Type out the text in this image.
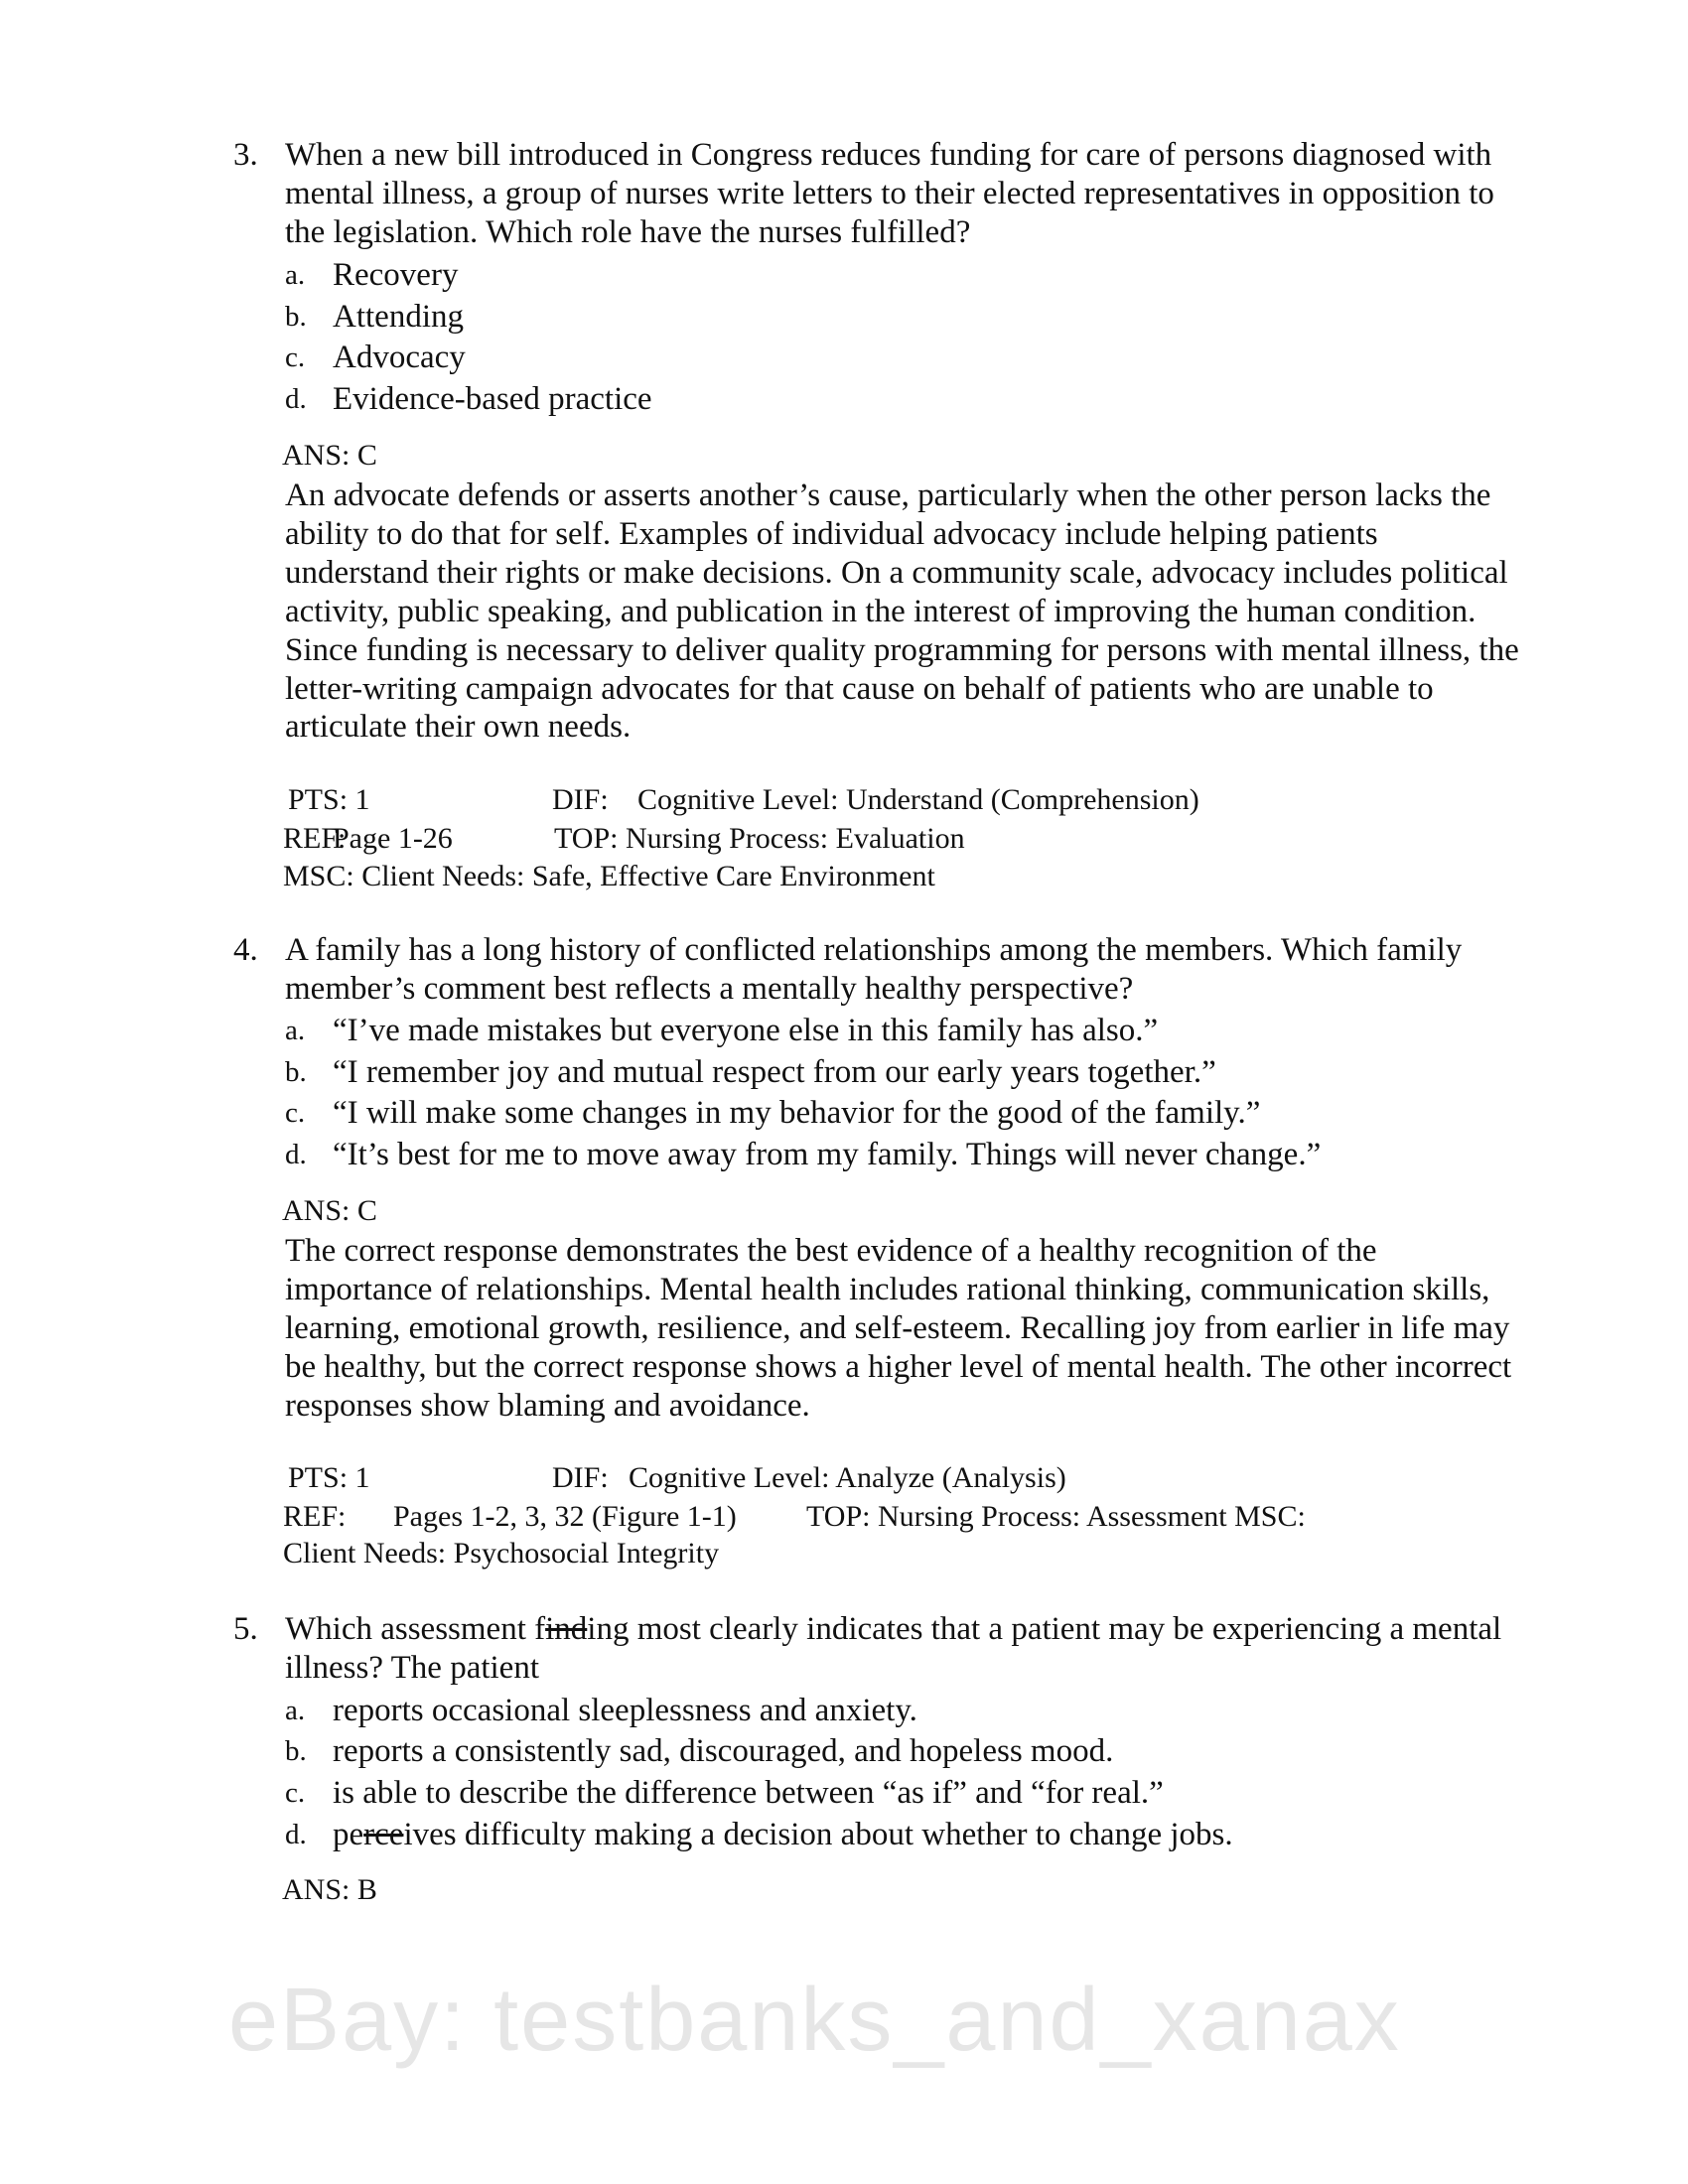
eBay: testbanks_and_xanax
3. When a new bill introduced in Congress reduces funding for care of persons diagnosed with
mental illness, a group of nurses write letters to their elected representatives in opposition to
the legislation. Which role have the nurses fulfilled?
a. Recovery
b. Attending
c. Advocacy
d. Evidence-based practice
ANS: C
An advocate defends or asserts another’s cause, particularly when the other person lacks the
ability to do that for self. Examples of individual advocacy include helping patients
understand their rights or make decisions. On a community scale, advocacy includes political
activity, public speaking, and publication in the interest of improving the human condition.
Since funding is necessary to deliver quality programming for persons with mental illness, the
letter-writing campaign advocates for that cause on behalf of patients who are unable to
articulate their own needs.
PTS: 1	DIF: Cognitive Level: Understand (Comprehension)
REF:
Page 1-26	TOP: Nursing Process: Evaluation
MSC: Client Needs: Safe, Effective Care Environment
4. A family has a long history of conflicted relationships among the members. Which family
member’s comment best reflects a mentally healthy perspective?
a. “I’ve made mistakes but everyone else in this family has also.”
b. “I remember joy and mutual respect from our early years together.”
c. “I will make some changes in my behavior for the good of the family.”
d. “It’s best for me to move away from my family. Things will never change.”
ANS: C
The correct response demonstrates the best evidence of a healthy recognition of the
importance of relationships. Mental health includes rational thinking, communication skills,
learning, emotional growth, resilience, and self-esteem. Recalling joy from earlier in life may
be healthy, but the correct response shows a higher level of mental health. The other incorrect
responses show blaming and avoidance.
PTS: 1	DIF: Cognitive Level: Analyze (Analysis)
REF: Pages 1-2, 3, 32 (Figure 1-1) TOP: Nursing Process: Assessment MSC:
Client Needs: Psychosocial Integrity
5. Which assessment finding most clearly indicates that a patient may be experiencing a mental
illness? The patient
a. reports occasional sleeplessness and anxiety.
b. reports a consistently sad, discouraged, and hopeless mood.
c. is able to describe the difference between “as if” and “for real.”
d. perceives difficulty making a decision about whether to change jobs.
ANS: B
